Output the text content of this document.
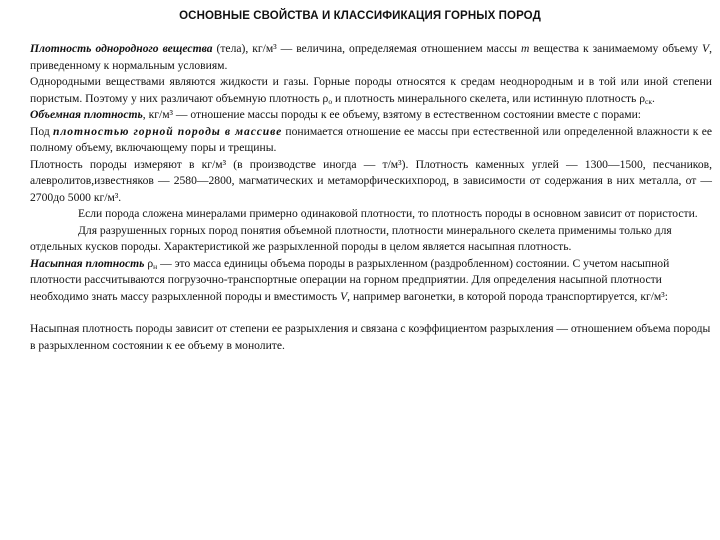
ОСНОВНЫЕ СВОЙСТВА И КЛАССИФИКАЦИЯ ГОРНЫХ ПОРОД

Плотность однородного вещества (тела), кг/м³ — величина, определяемая отношением массы m вещества к занимаемому объему V, приведенному к нормальным условиям.

Однородными веществами являются жидкости и газы. Горные породы относятся к средам неоднородным и в той или иной степени пористым. Поэтому у них различают объемную плотность $\rho_о$ и плотность минерального скелета, или истинную плотность $\rho_{ск}$.

Объемная плотность, кг/м³ — отношение массы породы к ее объему, взятому в естественном состоянии вместе с порами:

Под плотностью горной породы в массиве понимается отношение ее массы при естественной или определенной влажности к ее полному объему, включающему поры и трещины.

Плотность породы измеряют в кг/м³ (в производстве иногда — т/м³). Плотность каменных углей — 1300—1500, песчаников, алевролитов,известняков — 2580—2800, магматических и метаморфическихпород, в зависимости от содержания в них металла, от — 2700до 5000 кг/м³.

Если порода сложена минералами примерно одинаковой плотности, то плотность породы в основном зависит от пористости.

Для разрушенных горных пород понятия объемной плотности, плотности минерального скелета применимы только для отдельных кусков породы. Характеристикой же разрыхленной породы в целом является насыпная плотность.

Насыпная плотность $\rho_н$ — это масса единицы объема породы в разрыхленном (раздробленном) состоянии. С учетом насыпной плотности рассчитываются погрузочно-транспортные операции на горном предприятии. Для определения насыпной плотности необходимо знать массу разрыхленной породы и вместимость V, например вагонетки, в которой порода транспортируется, кг/м³:

Насыпная плотность породы зависит от степени ее разрыхления и связана с коэффициентом разрыхления — отношением объема породы в разрыхленном состоянии к ее объему в монолите.
